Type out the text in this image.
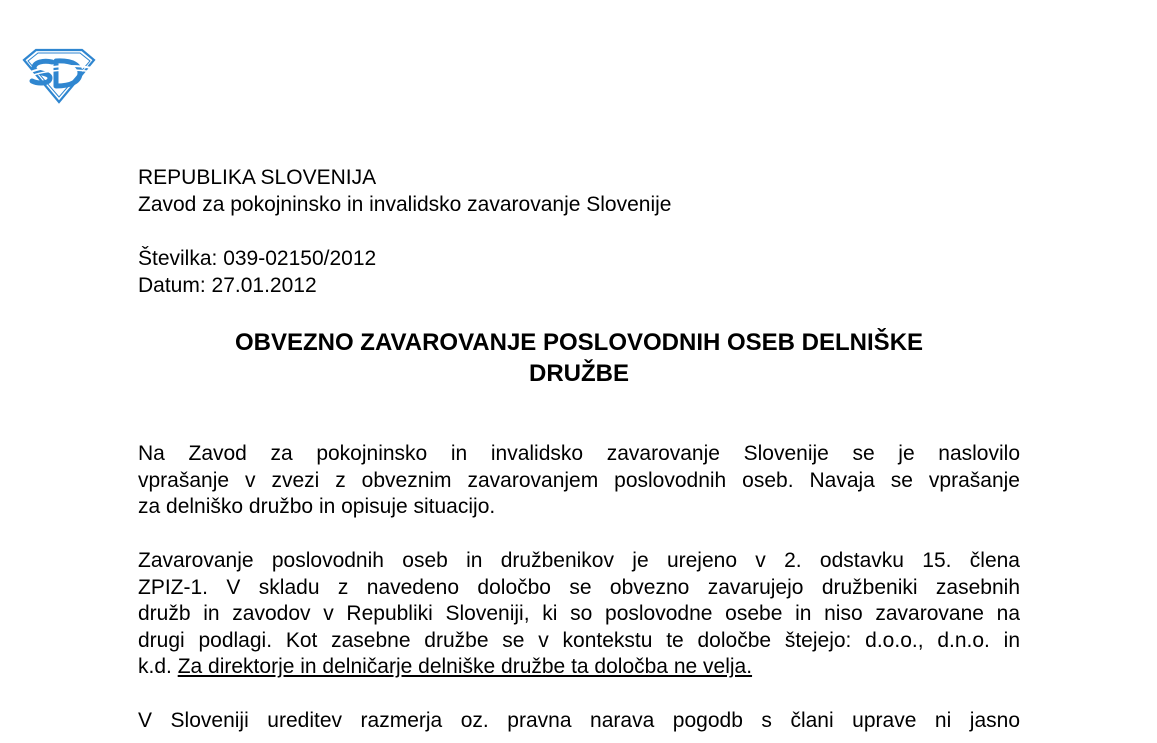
REPUBLIKA SLOVENIJA
Zavod za pokojninsko in invalidsko zavarovanje Slovenije
Številka: 039-02150/2012
Datum: 27.01.2012
OBVEZNO ZAVAROVANJE POSLOVODNIH OSEB DELNIŠKE
DRUŽBE
Na Zavod za pokojninsko in invalidsko zavarovanje Slovenije se je naslovilo
vprašanje v zvezi z obveznim zavarovanjem poslovodnih oseb. Navaja se vprašanje
za delniško družbo in opisuje situacijo.
Zavarovanje poslovodnih oseb in družbenikov je urejeno v 2. odstavku 15. člena
ZPIZ-1. V skladu z navedeno določbo se obvezno zavarujejo družbeniki zasebnih
družb in zavodov v Republiki Sloveniji, ki so poslovodne osebe in niso zavarovane na
drugi podlagi. Kot zasebne družbe se v kontekstu te določbe štejejo: d.o.o., d.n.o. in
k.d. Za direktorje in delničarje delniške družbe ta določba ne velja.
V Sloveniji ureditev razmerja oz. pravna narava pogodb s člani uprave ni jasno
